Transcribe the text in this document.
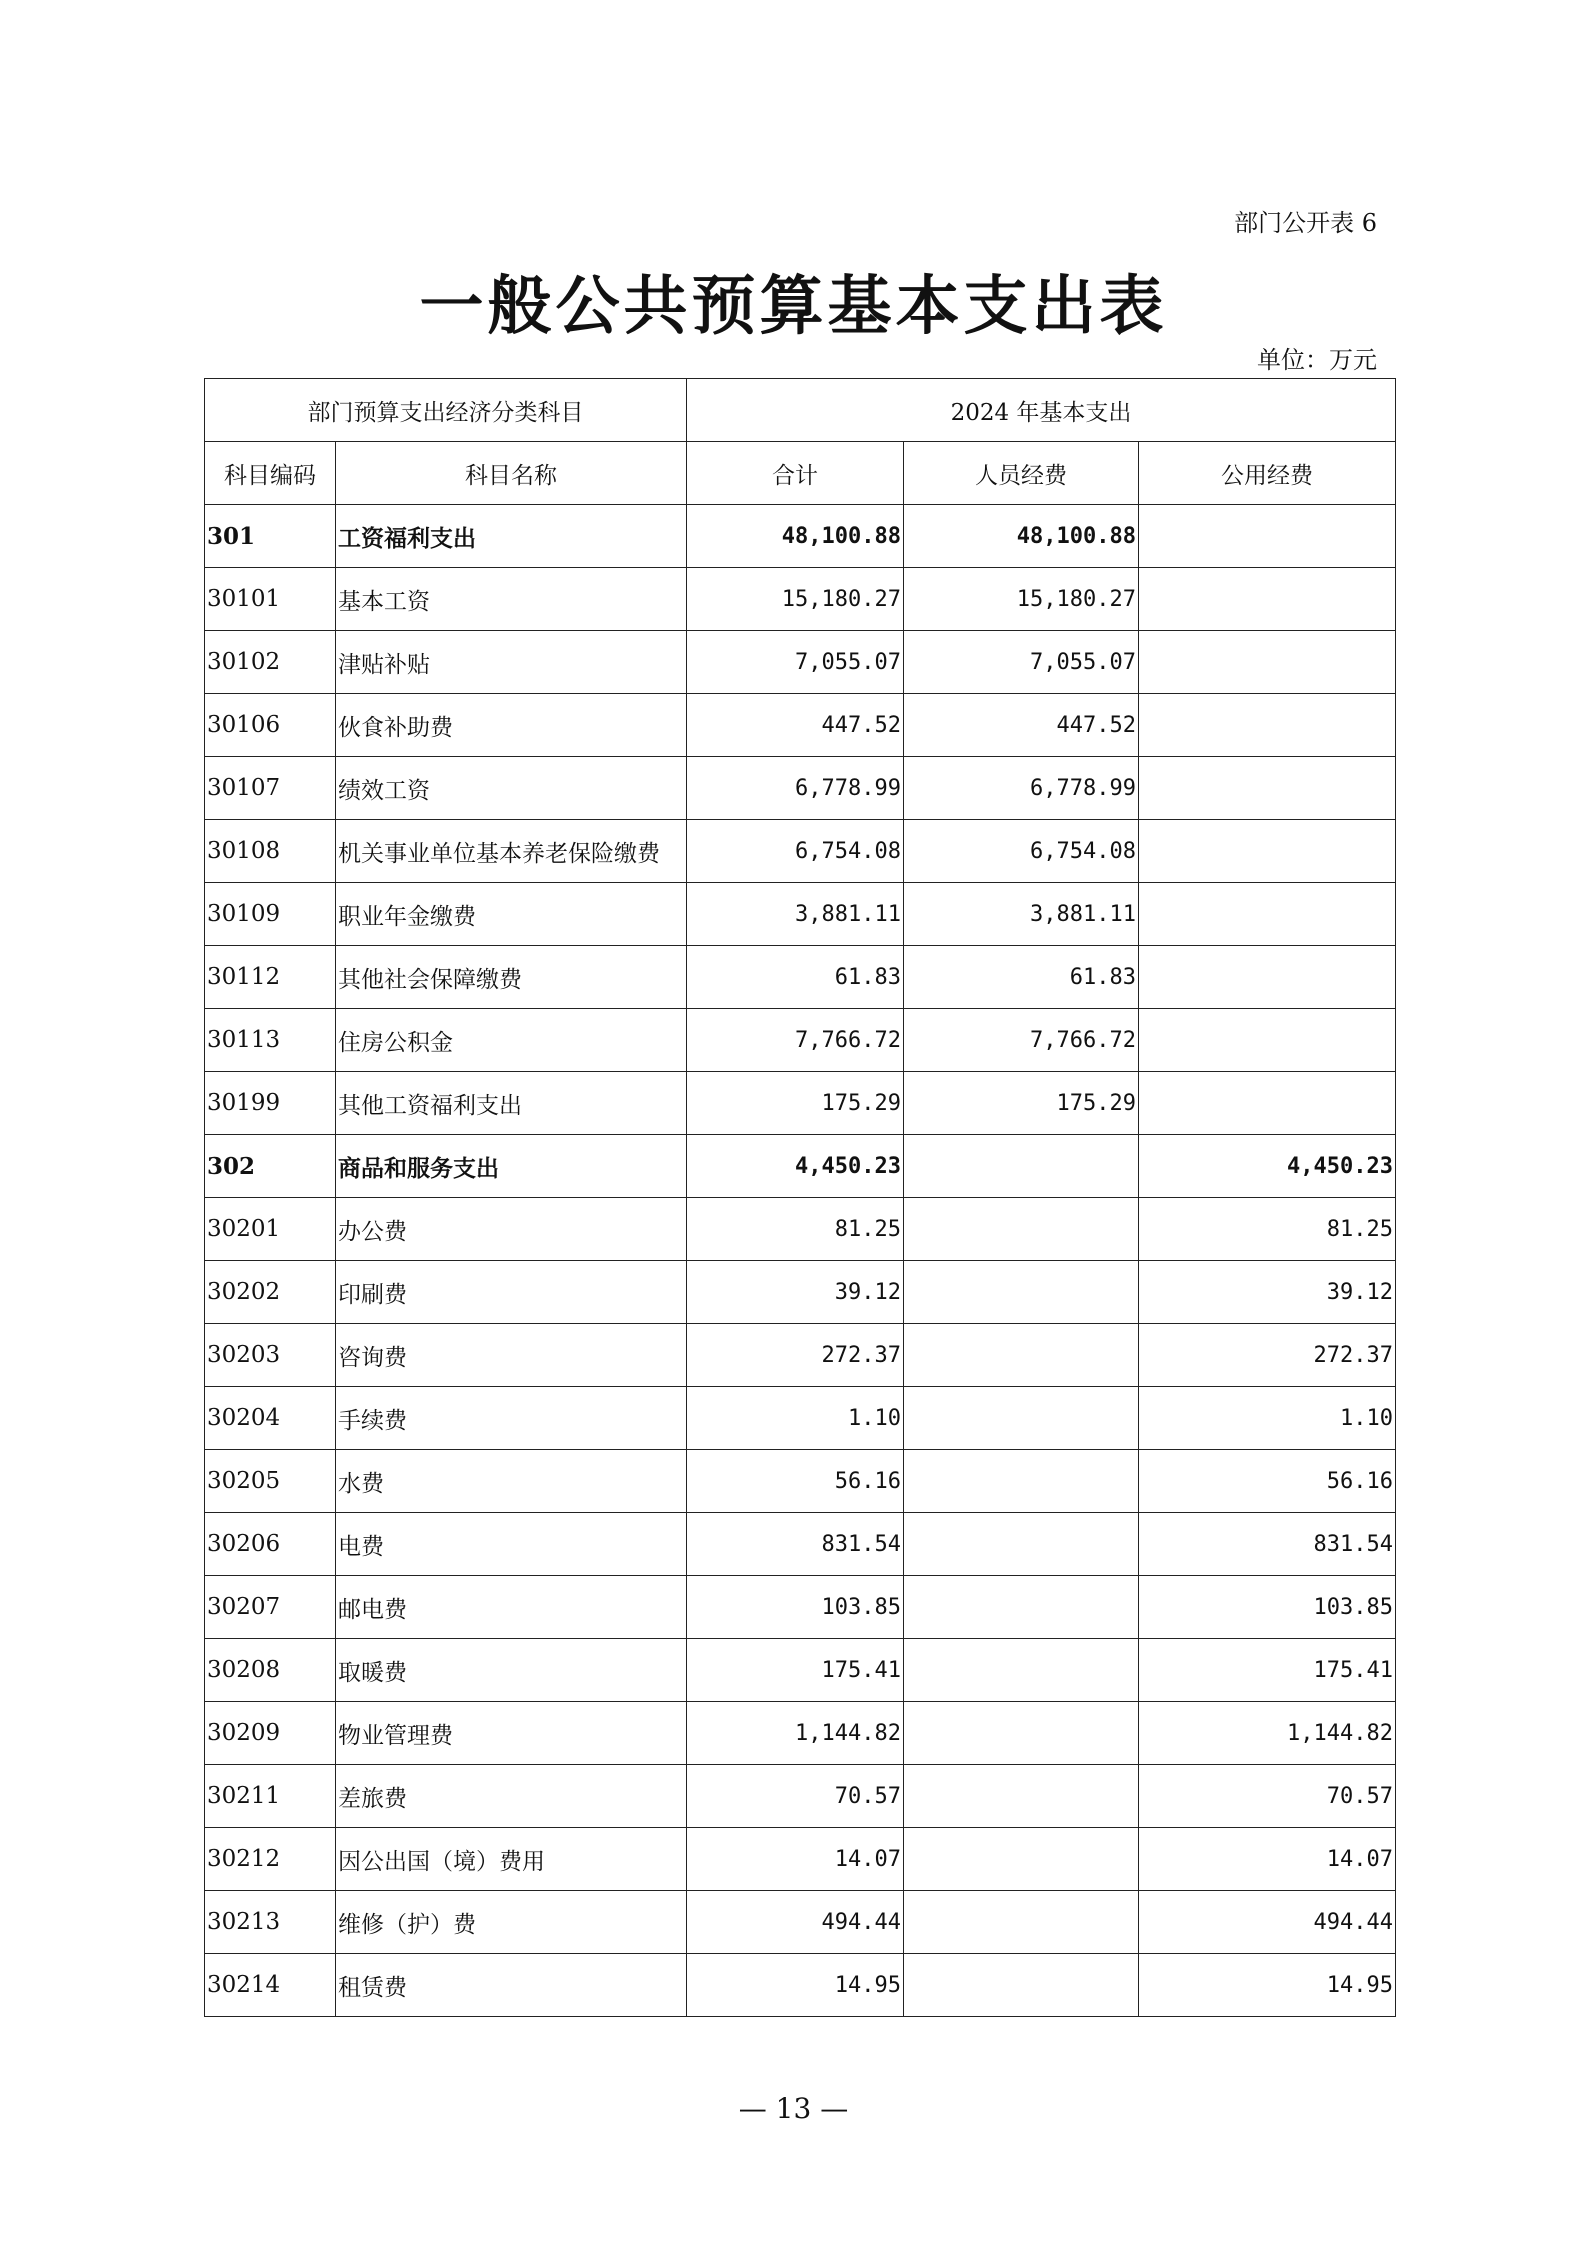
部门公开表 6
一般公共预算基本支出表
单位：万元
部门预算支出经济分类科目		2024 年基本支出		
科目编码	科目名称	合计	人员经费	公用经费
301	工资福利支出	48,100.88	48,100.88	
30101	基本工资	15,180.27	15,180.27	
30102	津贴补贴	7,055.07	7,055.07	
30106	伙食补助费	447.52	447.52	
30107	绩效工资	6,778.99	6,778.99	
30108	机关事业单位基本养老保险缴费	6,754.08	6,754.08	
30109	职业年金缴费	3,881.11	3,881.11	
30112	其他社会保障缴费	61.83	61.83	
30113	住房公积金	7,766.72	7,766.72	
30199	其他工资福利支出	175.29	175.29	
302	商品和服务支出	4,450.23		4,450.23
30201	办公费	81.25		81.25
30202	印刷费	39.12		39.12
30203	咨询费	272.37		272.37
30204	手续费	1.10		1.10
30205	水费	56.16		56.16
30206	电费	831.54		831.54
30207	邮电费	103.85		103.85
30208	取暖费	175.41		175.41
30209	物业管理费	1,144.82		1,144.82
30211	差旅费	70.57		70.57
30212	因公出国（境）费用	14.07		14.07
30213	维修（护）费	494.44		494.44
30214	租赁费	14.95		14.95
— 13 —
